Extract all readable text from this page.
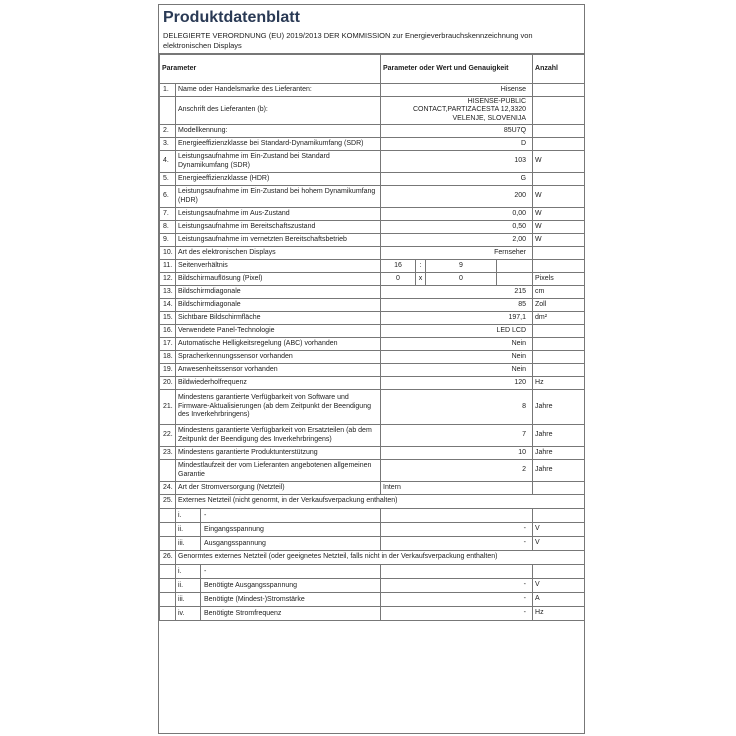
Produktdatenblatt
DELEGIERTE VERORDNUNG (EU) 2019/2013 DER KOMMISSION zur Energieverbrauchskennzeichnung von elektronischen Displays
Parameter		Parameter oder Wert und Genauigkeit				Anzahl
1.	Name oder Handelsmarke des Lieferanten:	Hisense				
	Anschrift des Lieferanten (b):	HISENSE-PUBLIC CONTACT,PARTIZACESTA 12,3320 VELENJE, SLOVENIJA				
2.	Modellkennung:	85U7Q				
3.	Energieeffizienzklasse bei Standard-Dynamikumfang (SDR)	D				
4.	Leistungsaufnahme im Ein-Zustand bei Standard Dynamikumfang (SDR)	103				W
5.	Energieeffizienzklasse (HDR)	G				
6.	Leistungsaufnahme im Ein-Zustand bei hohem Dynamikumfang (HDR)	200				W
7.	Leistungsaufnahme im Aus-Zustand	0,00				W
8.	Leistungsaufnahme im Bereitschaftszustand	0,50				W
9.	Leistungsaufnahme im vernetzten Bereitschaftsbetrieb	2,00				W
10.	Art des elektronischen Displays	Fernseher				
11.	Seitenverhältnis	16	:	9		
12.	Bildschirmauflösung (Pixel)	0	x	0		Pixels
13.	Bildschirmdiagonale	215				cm
14.	Bildschirmdiagonale	85				Zoll
15.	Sichtbare Bildschirmfläche	197,1				dm²
16.	Verwendete Panel-Technologie	LED LCD				
17.	Automatische Helligkeitsregelung (ABC) vorhanden	Nein				
18.	Spracherkennungssensor vorhanden	Nein				
19.	Anwesenheitssensor vorhanden	Nein				
20.	Bildwiederholfrequenz	120				Hz
21.	Mindestens garantierte Verfügbarkeit von Software und Firmware-Aktualisierungen (ab dem Zeitpunkt der Beendigung des Inverkehrbringens)	8				Jahre
22.	Mindestens garantierte Verfügbarkeit von Ersatzteilen (ab dem Zeitpunkt der Beendigung des Inverkehrbringens)	7				Jahre
23.	Mindestens garantierte Produktunterstützung	10				Jahre
	Mindestlaufzeit der vom Lieferanten angebotenen allgemeinen Garantie	2				Jahre
24.	Art der Stromversorgung (Netzteil)	Intern				
25.	Externes Netzteil (nicht genormt, in der Verkaufsverpackung enthalten)					
	i. -					
	ii. Eingangsspannung	-				V
	iii. Ausgangsspannung	-				V
26.	Genormtes externes Netzteil (oder geeignetes Netzteil, falls nicht in der Verkaufsverpackung enthalten)					
	i. -					
	ii. Benötigte Ausgangsspannung	-				V
	iii. Benötigte (Mindest-)Stromstärke	-				A
	iv. Benötigte Stromfrequenz	-				Hz
